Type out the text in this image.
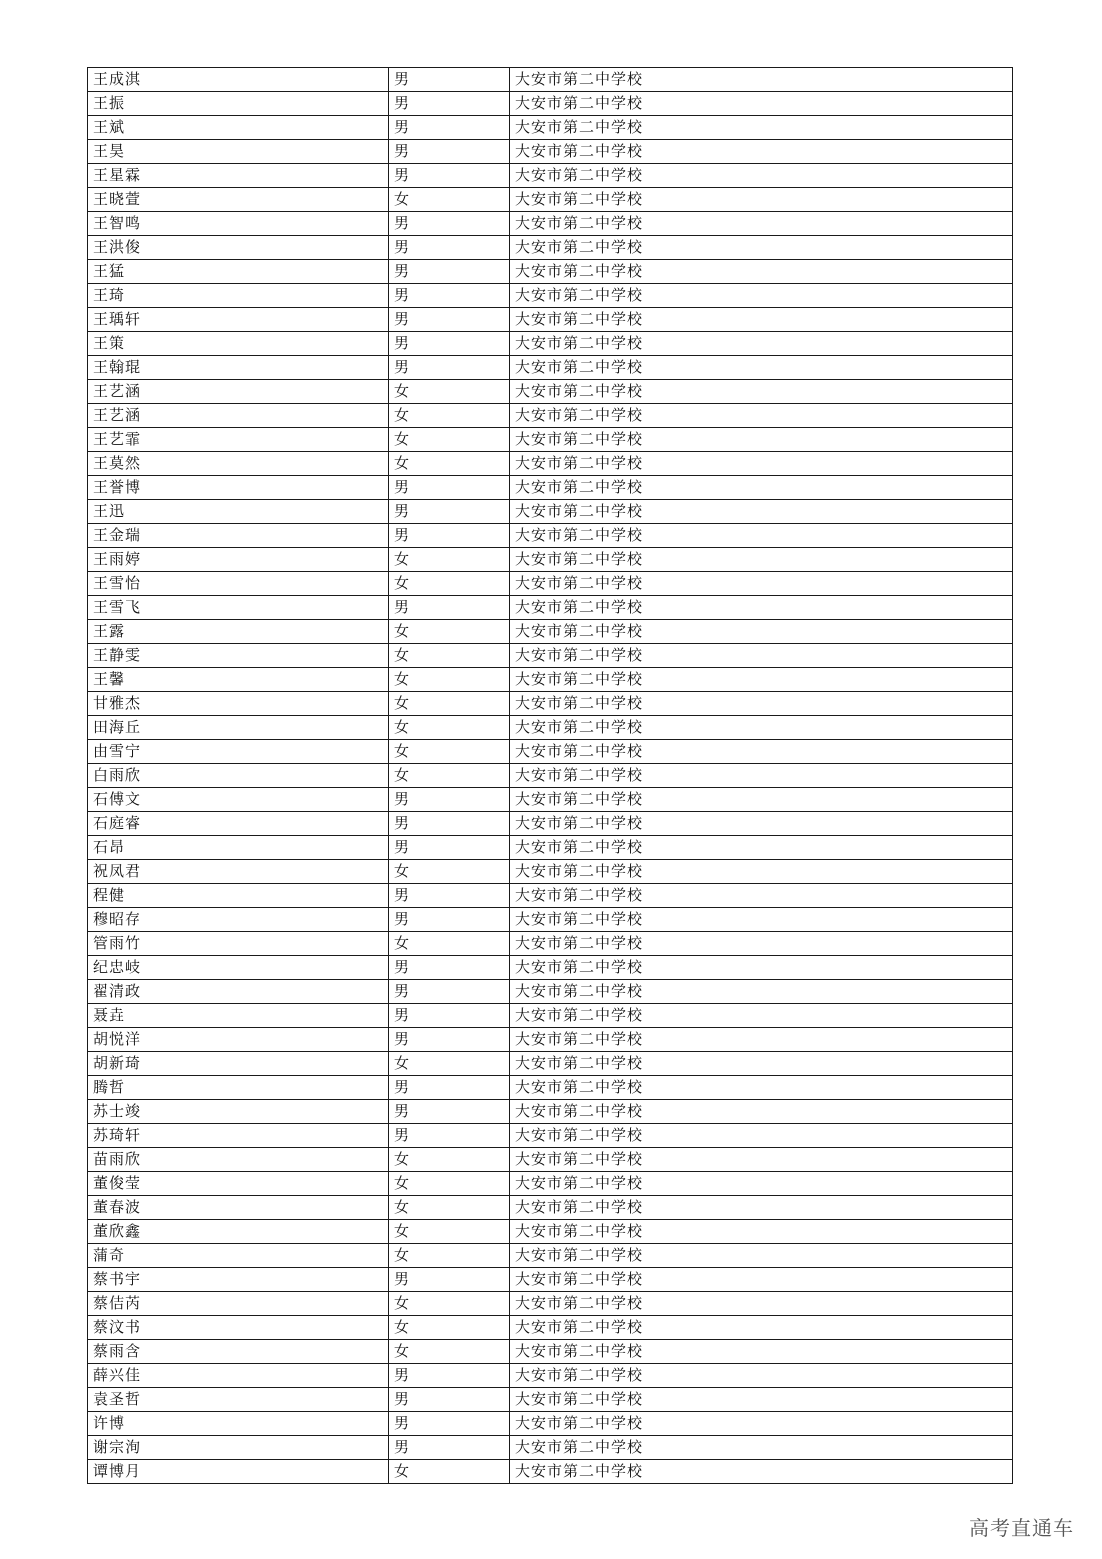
王成淇	男	大安市第二中学校
王振	男	大安市第二中学校
王斌	男	大安市第二中学校
王昊	男	大安市第二中学校
王星霖	男	大安市第二中学校
王晓萱	女	大安市第二中学校
王智鸣	男	大安市第二中学校
王洪俊	男	大安市第二中学校
王猛	男	大安市第二中学校
王琦	男	大安市第二中学校
王瑀轩	男	大安市第二中学校
王策	男	大安市第二中学校
王翰琨	男	大安市第二中学校
王艺涵	女	大安市第二中学校
王艺涵	女	大安市第二中学校
王艺霏	女	大安市第二中学校
王莫然	女	大安市第二中学校
王誉博	男	大安市第二中学校
王迅	男	大安市第二中学校
王金瑞	男	大安市第二中学校
王雨婷	女	大安市第二中学校
王雪怡	女	大安市第二中学校
王雪飞	男	大安市第二中学校
王露	女	大安市第二中学校
王静雯	女	大安市第二中学校
王馨	女	大安市第二中学校
甘雅杰	女	大安市第二中学校
田海丘	女	大安市第二中学校
由雪宁	女	大安市第二中学校
白雨欣	女	大安市第二中学校
石傅文	男	大安市第二中学校
石庭睿	男	大安市第二中学校
石昂	男	大安市第二中学校
祝凤君	女	大安市第二中学校
程健	男	大安市第二中学校
穆昭存	男	大安市第二中学校
管雨竹	女	大安市第二中学校
纪忠岐	男	大安市第二中学校
翟清政	男	大安市第二中学校
聂垚	男	大安市第二中学校
胡悦洋	男	大安市第二中学校
胡新琦	女	大安市第二中学校
腾哲	男	大安市第二中学校
苏士竣	男	大安市第二中学校
苏琦轩	男	大安市第二中学校
苗雨欣	女	大安市第二中学校
董俊莹	女	大安市第二中学校
董春波	女	大安市第二中学校
董欣鑫	女	大安市第二中学校
蒲奇	女	大安市第二中学校
蔡书宇	男	大安市第二中学校
蔡佶芮	女	大安市第二中学校
蔡汶书	女	大安市第二中学校
蔡雨含	女	大安市第二中学校
薛兴佳	男	大安市第二中学校
袁圣哲	男	大安市第二中学校
许博	男	大安市第二中学校
谢宗洵	男	大安市第二中学校
谭博月	女	大安市第二中学校
高考直通车
